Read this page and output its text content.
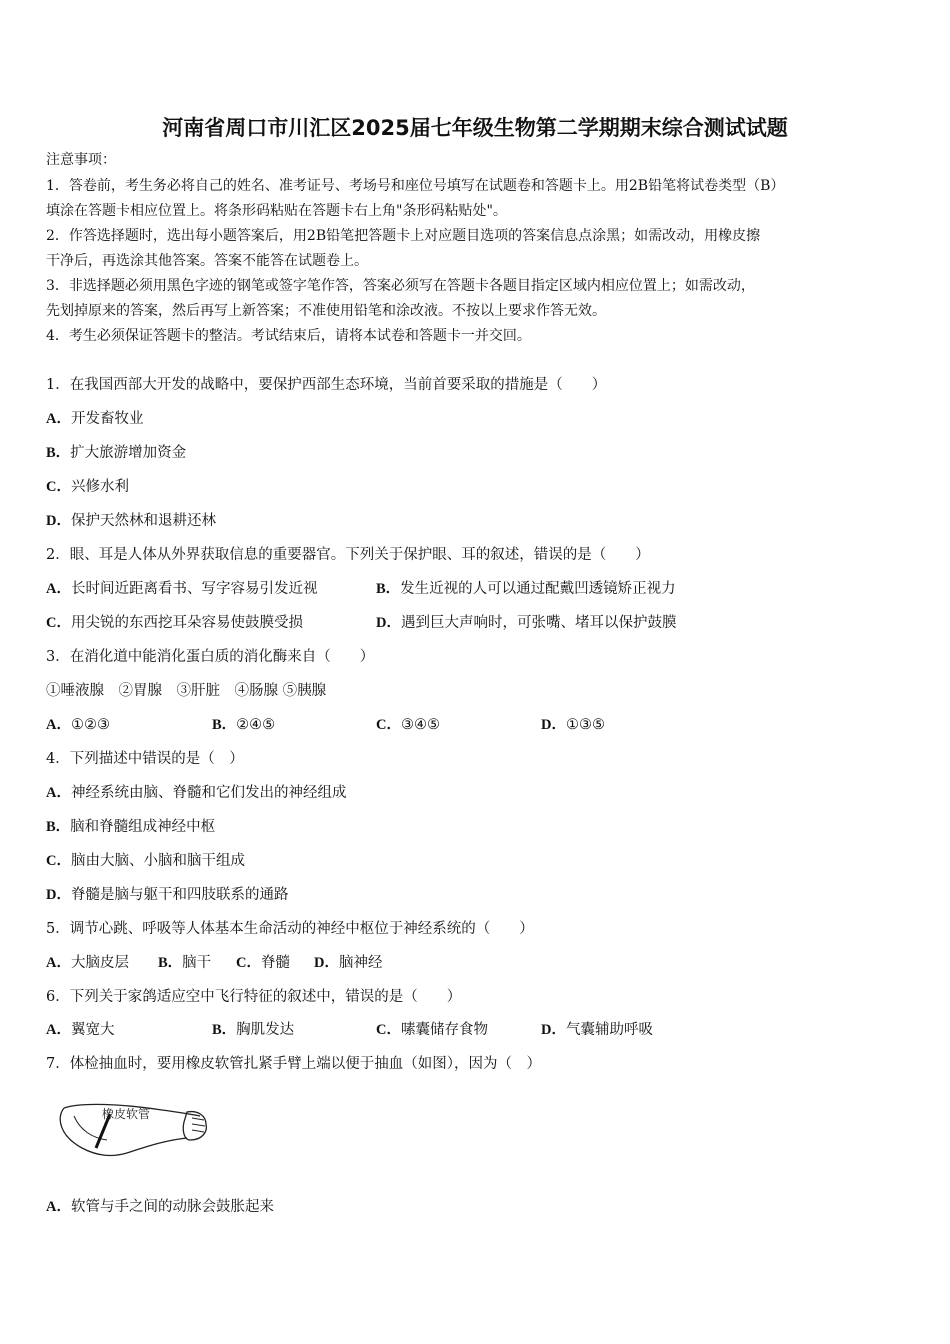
河南省周口市川汇区2025届七年级生物第二学期期末综合测试试题
注意事项：
1．答卷前，考生务必将自己的姓名、准考证号、考场号和座位号填写在试题卷和答题卡上。用2B铅笔将试卷类型（B）
填涂在答题卡相应位置上。将条形码粘贴在答题卡右上角"条形码粘贴处"。
2．作答选择题时，选出每小题答案后，用2B铅笔把答题卡上对应题目选项的答案信息点涂黑；如需改动，用橡皮擦
干净后，再选涂其他答案。答案不能答在试题卷上。
3．非选择题必须用黑色字迹的钢笔或签字笔作答，答案必须写在答题卡各题目指定区域内相应位置上；如需改动，
先划掉原来的答案，然后再写上新答案；不准使用铅笔和涂改液。不按以上要求作答无效。
4．考生必须保证答题卡的整洁。考试结束后，请将本试卷和答题卡一并交回。
1．在我国西部大开发的战略中，要保护西部生态环境，当前首要采取的措施是（　　）
A．开发畜牧业
B．扩大旅游增加资金
C．兴修水利
D．保护天然林和退耕还林
2．眼、耳是人体从外界获取信息的重要器官。下列关于保护眼、耳的叙述，错误的是（　　）
A．长时间近距离看书、写字容易引发近视	B．发生近视的人可以通过配戴凹透镜矫正视力
C．用尖锐的东西挖耳朵容易使鼓膜受损	D．遇到巨大声响时，可张嘴、堵耳以保护鼓膜
3．在消化道中能消化蛋白质的消化酶来自（　　）
①唾液腺　②胃腺　③肝脏　④肠腺 ⑤胰腺
A．①②③	B．②④⑤	C．③④⑤	D．①③⑤
4．下列描述中错误的是（　）
A．神经系统由脑、脊髓和它们发出的神经组成
B．脑和脊髓组成神经中枢
C．脑由大脑、小脑和脑干组成
D．脊髓是脑与躯干和四肢联系的通路
5．调节心跳、呼吸等人体基本生命活动的神经中枢位于神经系统的（　　）
A．大脑皮层 B．脑干 C．脊髓 D．脑神经
6．下列关于家鸽适应空中飞行特征的叙述中，错误的是（　　）
A．翼宽大	B．胸肌发达	C．嗉囊储存食物	D．气囊辅助呼吸
7．体检抽血时，要用橡皮软管扎紧手臂上端以便于抽血（如图），因为（　）
橡皮软管
A．软管与手之间的动脉会鼓胀起来
